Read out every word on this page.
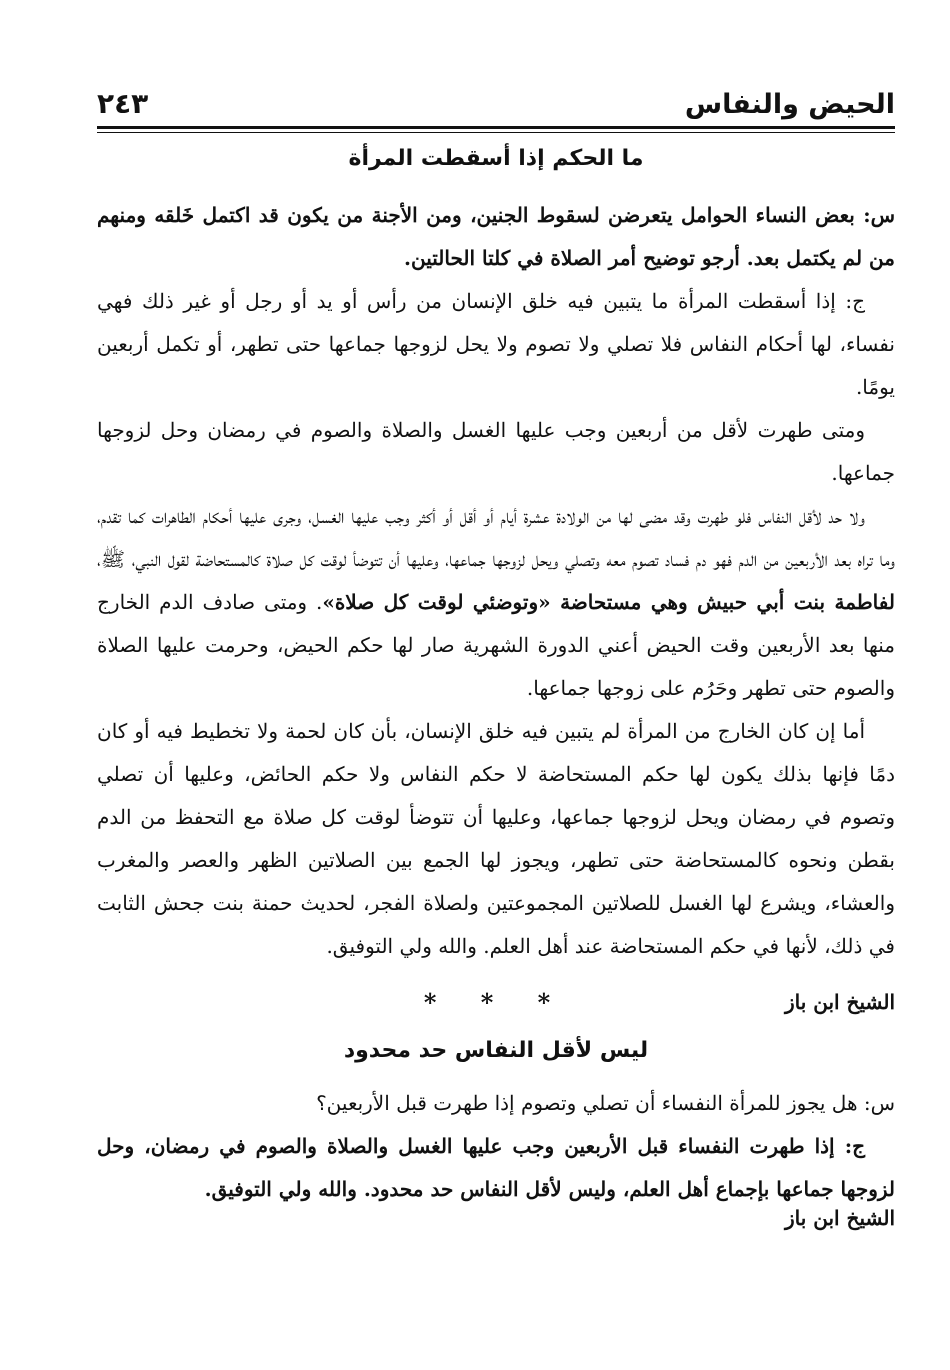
الحيض والنفاس
٢٤٣
ما الحكم إذا أسقطت المرأة

س: بعض النساء الحوامل يتعرضن لسقوط الجنين، ومن الأجنة من يكون قد اكتمل خَلقه ومنهم من لم يكتمل بعد. أرجو توضيح أمر الصلاة في كلتا الحالتين.

ج: إذا أسقطت المرأة ما يتبين فيه خلق الإنسان من رأس أو يد أو رجل أو غير ذلك فهي نفساء، لها أحكام النفاس فلا تصلي ولا تصوم ولا يحل لزوجها جماعها حتى تطهر، أو تكمل أربعين يومًا.

ومتى طهرت لأقل من أربعين وجب عليها الغسل والصلاة والصوم في رمضان وحل لزوجها جماعها.

ولا حد لأقل النفاس فلو طهرت وقد مضى لها من الولادة عشرة أيام أو أقل أو أكثر وجب عليها الغسل، وجرى عليها أحكام الطاهرات كما تقدم، وما تراه بعد الأربعين من الدم فهو دم فساد تصوم معه وتصلي ويحل لزوجها جماعها، وعليها أن تتوضأ لوقت كل صلاة كالمستحاضة لقول النبي، ﷺ، لفاطمة بنت أبي حبيش وهي مستحاضة «وتوضئي لوقت كل صلاة». ومتى صادف الدم الخارج منها بعد الأربعين وقت الحيض أعني الدورة الشهرية صار لها حكم الحيض، وحرمت عليها الصلاة والصوم حتى تطهر وحَرُم على زوجها جماعها.

أما إن كان الخارج من المرأة لم يتبين فيه خلق الإنسان، بأن كان لحمة ولا تخطيط فيه أو كان دمًا فإنها بذلك يكون لها حكم المستحاضة لا حكم النفاس ولا حكم الحائض، وعليها أن تصلي وتصوم في رمضان ويحل لزوجها جماعها، وعليها أن تتوضأ لوقت كل صلاة مع التحفظ من الدم بقطن ونحوه كالمستحاضة حتى تطهر، ويجوز لها الجمع بين الصلاتين الظهر والعصر والمغرب والعشاء، ويشرع لها الغسل للصلاتين المجموعتين ولصلاة الفجر، لحديث حمنة بنت جحش الثابت في ذلك، لأنها في حكم المستحاضة عند أهل العلم. والله ولي التوفيق.

الشيخ ابن باز
* * *
ليس لأقل النفاس حد محدود

س: هل يجوز للمرأة النفساء أن تصلي وتصوم إذا طهرت قبل الأربعين؟

ج: إذا طهرت النفساء قبل الأربعين وجب عليها الغسل والصلاة والصوم في رمضان، وحل لزوجها جماعها بإجماع أهل العلم، وليس لأقل النفاس حد محدود. والله ولي التوفيق.

الشيخ ابن باز
